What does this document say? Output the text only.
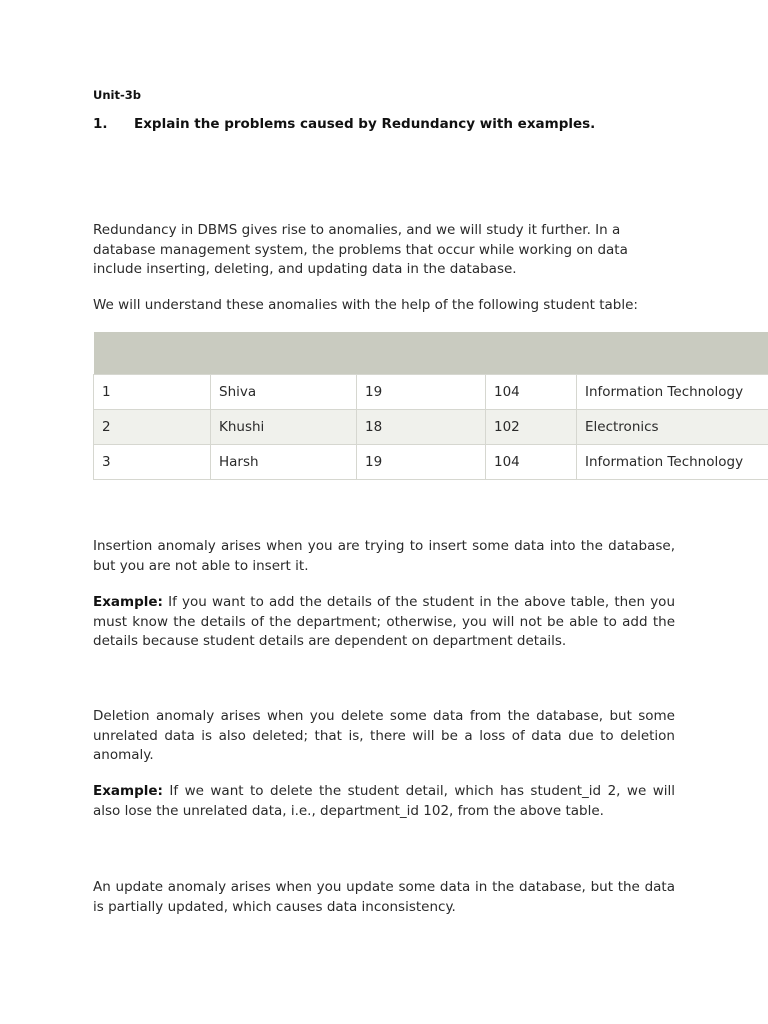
Unit-3b
1.	Explain the problems caused by Redundancy with examples.

Redundancy in DBMS gives rise to anomalies, and we will study it further. In a database management system, the problems that occur while working on data include inserting, deleting, and updating data in the database.

We will understand these anomalies with the help of the following student table:

1	Shiva	19	104	Information Technology
2	Khushi	18	102	Electronics
3	Harsh	19	104	Information Technology

Insertion anomaly arises when you are trying to insert some data into the database, but you are not able to insert it.

Example: If you want to add the details of the student in the above table, then you must know the details of the department; otherwise, you will not be able to add the details because student details are dependent on department details.

Deletion anomaly arises when you delete some data from the database, but some unrelated data is also deleted; that is, there will be a loss of data due to deletion anomaly.

Example: If we want to delete the student detail, which has student_id 2, we will also lose the unrelated data, i.e., department_id 102, from the above table.

An update anomaly arises when you update some data in the database, but the data is partially updated, which causes data inconsistency.
